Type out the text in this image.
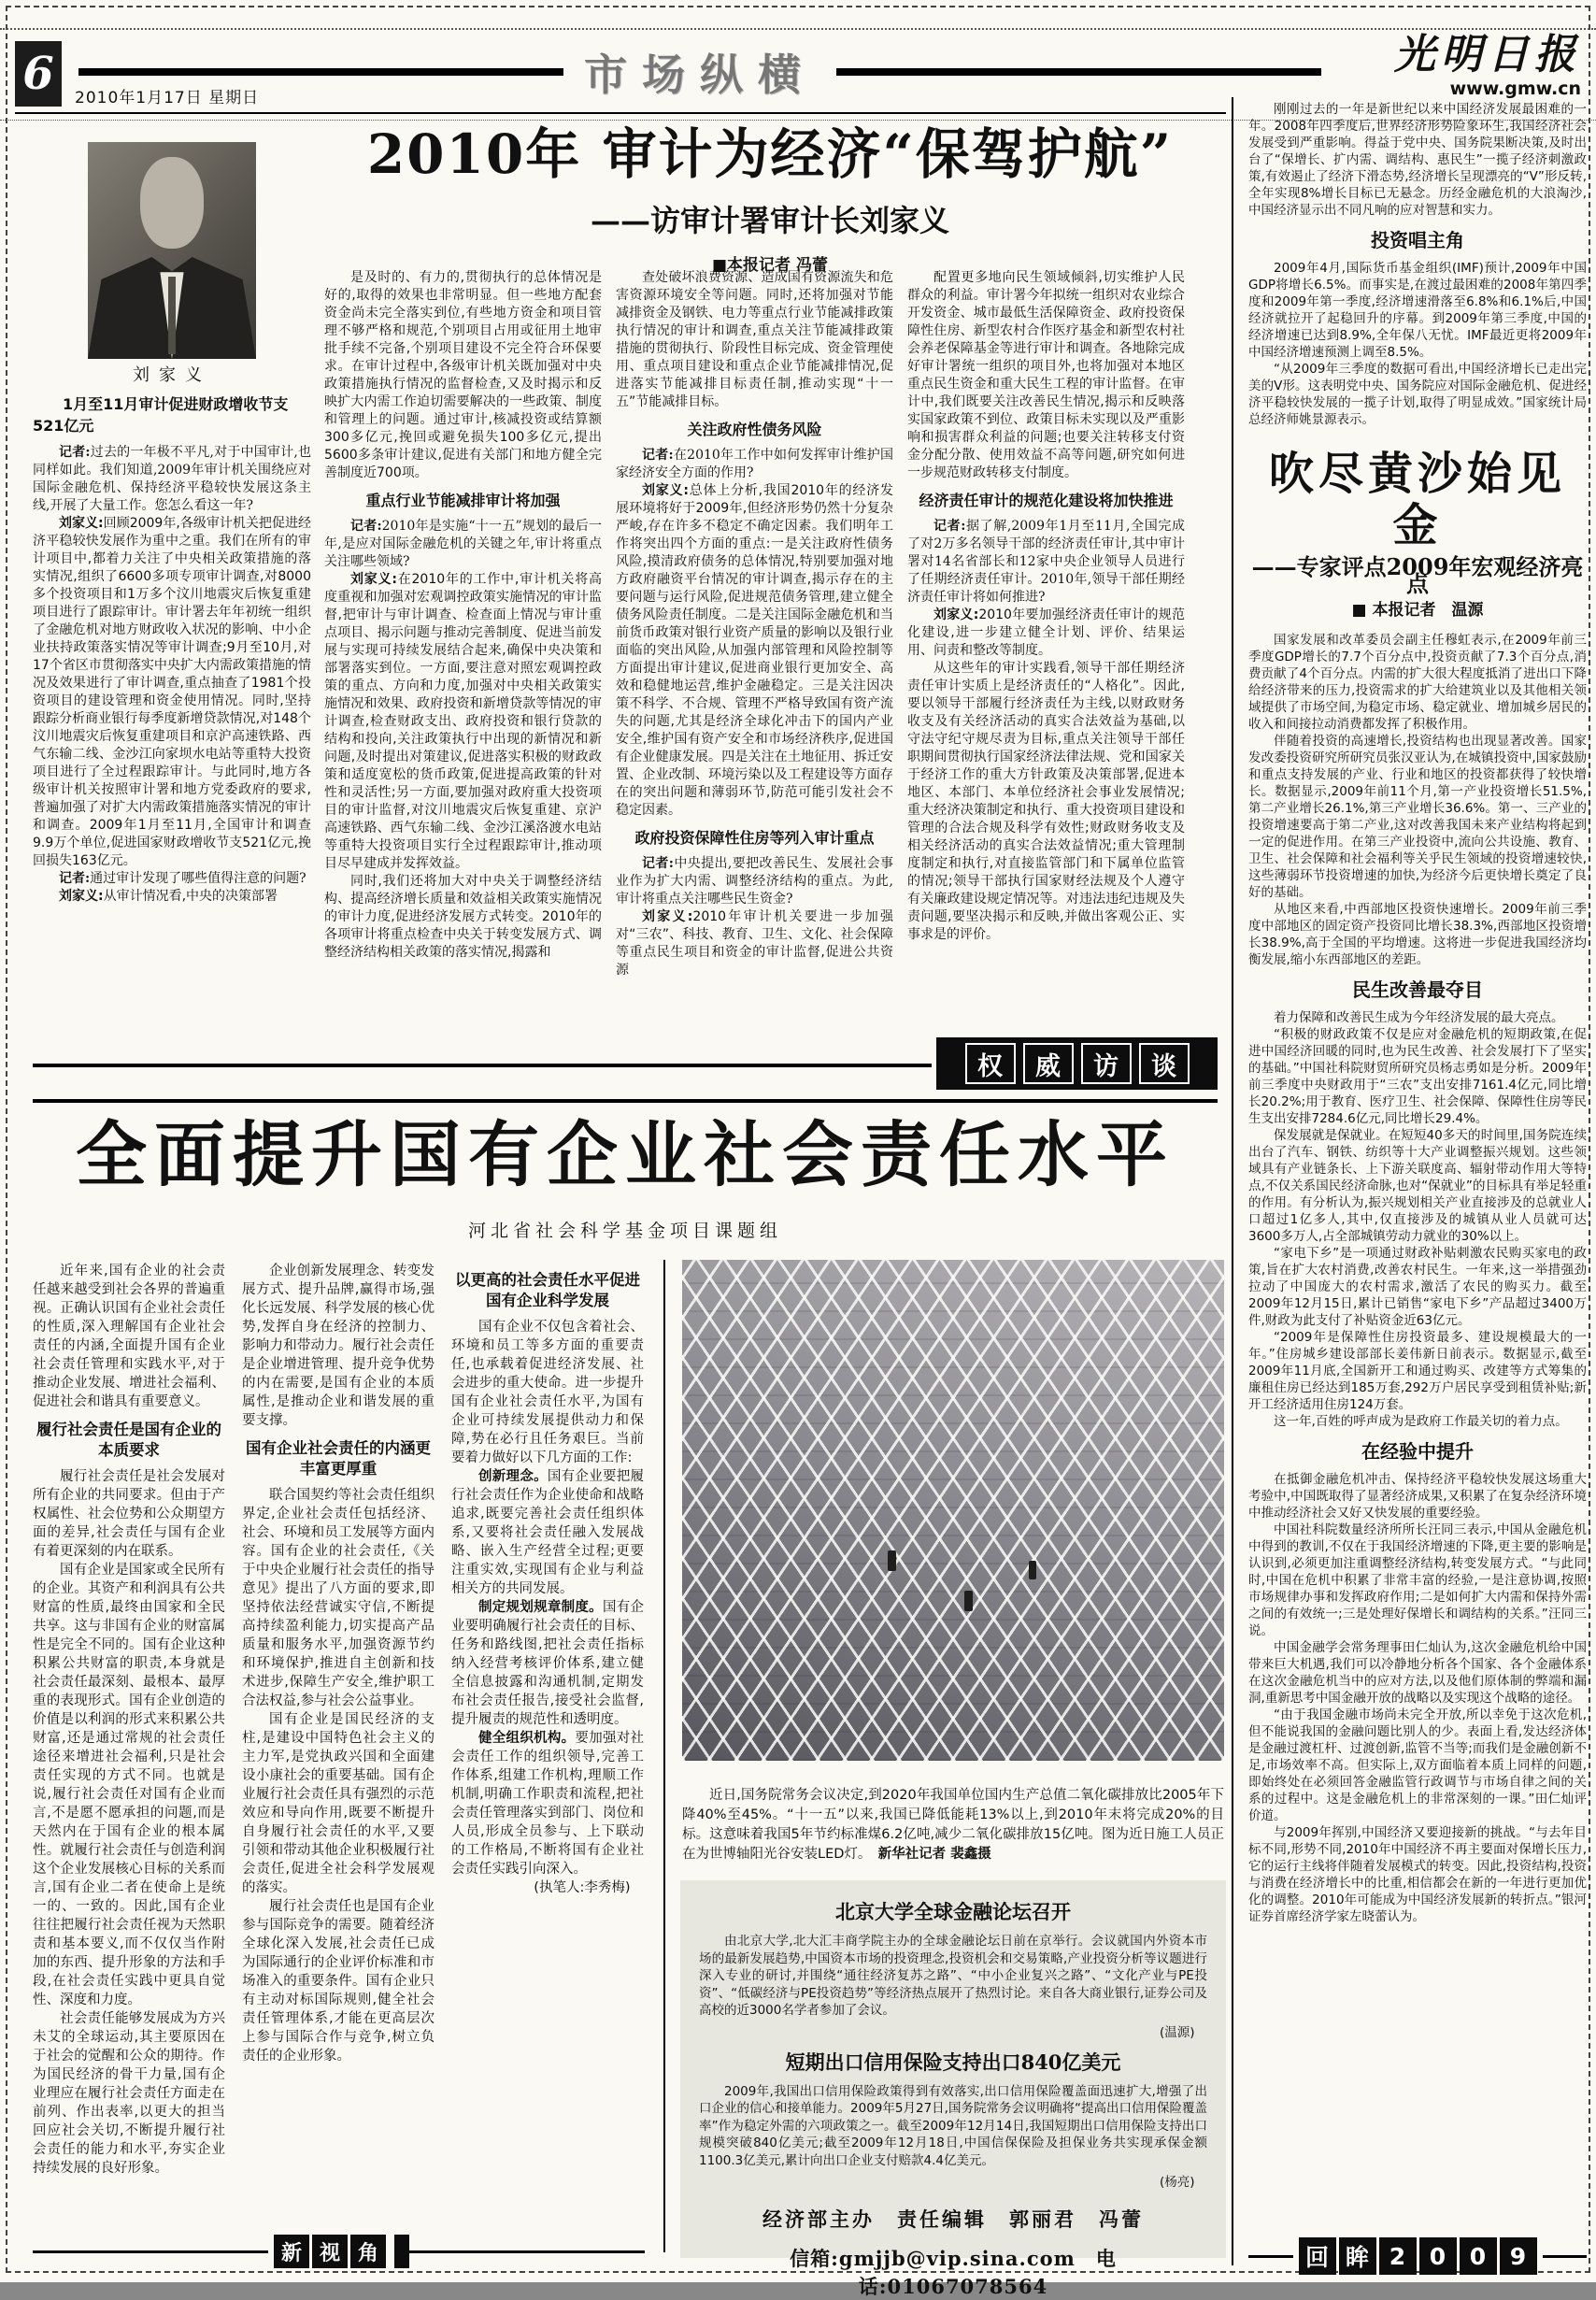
6	2010年1月17日 星期日	市场纵横	光明日报
www.gmw.cn
2010年 审计为经济“保驾护航”
——访审计署审计长刘家义
■本报记者 冯蕾
刘家义

1月至11月审计促进财政增收节支521亿元

记者:过去的一年极不平凡,对于中国审计,也同样如此。我们知道,2009年审计机关围绕应对国际金融危机、保持经济平稳较快发展这条主线,开展了大量工作。您怎么看这一年?

刘家义:回顾2009年,各级审计机关把促进经济平稳较快发展作为重中之重。我们在所有的审计项目中,都着力关注了中央相关政策措施的落实情况,组织了6600多项专项审计调查,对8000多个投资项目和1万多个汶川地震灾后恢复重建项目进行了跟踪审计。审计署去年年初统一组织了金融危机对地方财政收入状况的影响、中小企业扶持政策落实情况等审计调查;9月至10月,对17个省区市贯彻落实中央扩大内需政策措施的情况及效果进行了审计调查,重点抽查了1981个投资项目的建设管理和资金使用情况。同时,坚持跟踪分析商业银行每季度新增贷款情况,对148个汶川地震灾后恢复重建项目和京沪高速铁路、西气东输二线、金沙江向家坝水电站等重特大投资项目进行了全过程跟踪审计。与此同时,地方各级审计机关按照审计署和地方党委政府的要求,普遍加强了对扩大内需政策措施落实情况的审计和调查。2009年1月至11月,全国审计和调查9.9万个单位,促进国家财政增收节支521亿元,挽回损失163亿元。

记者:通过审计发现了哪些值得注意的问题?

刘家义:从审计情况看,中央的决策部署

是及时的、有力的,贯彻执行的总体情况是好的,取得的效果也非常明显。但一些地方配套资金尚未完全落实到位,有些地方资金和项目管理不够严格和规范,个别项目占用或征用土地审批手续不完备,个别项目建设不完全符合环保要求。在审计过程中,各级审计机关既加强对中央政策措施执行情况的监督检查,又及时揭示和反映扩大内需工作迫切需要解决的一些政策、制度和管理上的问题。通过审计,核减投资或结算额300多亿元,挽回或避免损失100多亿元,提出5600多条审计建议,促进有关部门和地方健全完善制度近700项。

重点行业节能减排审计将加强

记者:2010年是实施“十一五”规划的最后一年,是应对国际金融危机的关键之年,审计将重点关注哪些领域?

刘家义:在2010年的工作中,审计机关将高度重视和加强对宏观调控政策实施情况的审计监督,把审计与审计调查、检查面上情况与审计重点项目、揭示问题与推动完善制度、促进当前发展与实现可持续发展结合起来,确保中央决策和部署落实到位。一方面,要注意对照宏观调控政策的重点、方向和力度,加强对中央相关政策实施情况和效果、政府投资和新增贷款等情况的审计调查,检查财政支出、政府投资和银行贷款的结构和投向,关注政策执行中出现的新情况和新问题,及时提出对策建议,促进落实积极的财政政策和适度宽松的货币政策,促进提高政策的针对性和灵活性;另一方面,要加强对政府重大投资项目的审计监督,对汶川地震灾后恢复重建、京沪高速铁路、西气东输二线、金沙江溪洛渡水电站等重特大投资项目实行全过程跟踪审计,推动项目尽早建成并发挥效益。

同时,我们还将加大对中央关于调整经济结构、提高经济增长质量和效益相关政策实施情况的审计力度,促进经济发展方式转变。2010年的各项审计将重点检查中央关于转变发展方式、调整经济结构相关政策的落实情况,揭露和

查处破坏浪费资源、造成国有资源流失和危害资源环境安全等问题。同时,还将加强对节能减排资金及钢铁、电力等重点行业节能减排政策执行情况的审计和调查,重点关注节能减排政策措施的贯彻执行、阶段性目标完成、资金管理使用、重点项目建设和重点企业节能减排情况,促进落实节能减排目标责任制,推动实现“十一五”节能减排目标。

关注政府性债务风险

记者:在2010年工作中如何发挥审计维护国家经济安全方面的作用?

刘家义:总体上分析,我国2010年的经济发展环境将好于2009年,但经济形势仍然十分复杂严峻,存在许多不稳定不确定因素。我们明年工作将突出四个方面的重点:一是关注政府性债务风险,摸清政府债务的总体情况,特别要加强对地方政府融资平台情况的审计调查,揭示存在的主要问题与运行风险,促进规范债务管理,建立健全债务风险责任制度。二是关注国际金融危机和当前货币政策对银行业资产质量的影响以及银行业面临的突出风险,从加强内部管理和风险控制等方面提出审计建议,促进商业银行更加安全、高效和稳健地运营,维护金融稳定。三是关注因决策不科学、不合规、管理不严格导致国有资产流失的问题,尤其是经济全球化冲击下的国内产业安全,维护国有资产安全和市场经济秩序,促进国有企业健康发展。四是关注在土地征用、拆迁安置、企业改制、环境污染以及工程建设等方面存在的突出问题和薄弱环节,防范可能引发社会不稳定因素。

政府投资保障性住房等列入审计重点

记者:中央提出,要把改善民生、发展社会事业作为扩大内需、调整经济结构的重点。为此,审计将重点关注哪些民生资金?

刘家义:2010年审计机关要进一步加强对“三农”、科技、教育、卫生、文化、社会保障等重点民生项目和资金的审计监督,促进公共资源

配置更多地向民生领域倾斜,切实维护人民群众的利益。审计署今年拟统一组织对农业综合开发资金、城市最低生活保障资金、政府投资保障性住房、新型农村合作医疗基金和新型农村社会养老保障基金等进行审计和调查。各地除完成好审计署统一组织的项目外,也将加强对本地区重点民生资金和重大民生工程的审计监督。在审计中,我们既要关注改善民生情况,揭示和反映落实国家政策不到位、政策目标未实现以及严重影响和损害群众利益的问题;也要关注转移支付资金分配分散、使用效益不高等问题,研究如何进一步规范财政转移支付制度。

经济责任审计的规范化建设将加快推进

记者:据了解,2009年1月至11月,全国完成了对2万多名领导干部的经济责任审计,其中审计署对14名省部长和12家中央企业领导人员进行了任期经济责任审计。2010年,领导干部任期经济责任审计将如何推进?

刘家义:2010年要加强经济责任审计的规范化建设,进一步建立健全计划、评价、结果运用、问责和整改等制度。

从这些年的审计实践看,领导干部任期经济责任审计实质上是经济责任的“人格化”。因此,要以领导干部履行经济责任为主线,以财政财务收支及有关经济活动的真实合法效益为基础,以守法守纪守规尽责为目标,重点关注领导干部任职期间贯彻执行国家经济法律法规、党和国家关于经济工作的重大方针政策及决策部署,促进本地区、本部门、本单位经济社会事业发展情况;重大经济决策制定和执行、重大投资项目建设和管理的合法合规及科学有效性;财政财务收支及相关经济活动的真实合法效益情况;重大管理制度制定和执行,对直接监管部门和下属单位监管的情况;领导干部执行国家财经法规及个人遵守有关廉政建设规定情况等。对违法违纪违规及失责问题,要坚决揭示和反映,并做出客观公正、实事求是的评价。

权	威	访	谈
全面提升国有企业社会责任水平
河北省社会科学基金项目课题组

近年来,国有企业的社会责任越来越受到社会各界的普遍重视。正确认识国有企业社会责任的性质,深入理解国有企业社会责任的内涵,全面提升国有企业社会责任管理和实践水平,对于推动企业发展、增进社会福利、促进社会和谐具有重要意义。

履行社会责任是国有企业的本质要求

履行社会责任是社会发展对所有企业的共同要求。但由于产权属性、社会位势和公众期望方面的差异,社会责任与国有企业有着更深刻的内在联系。

国有企业是国家或全民所有的企业。其资产和利润具有公共财富的性质,最终由国家和全民共享。这与非国有企业的财富属性是完全不同的。国有企业这种积累公共财富的职责,本身就是社会责任最深刻、最根本、最厚重的表现形式。国有企业创造的价值是以利润的形式来积累公共财富,还是通过常规的社会责任途径来增进社会福利,只是社会责任实现的方式不同。也就是说,履行社会责任对国有企业而言,不是愿不愿承担的问题,而是天然内在于国有企业的根本属性。就履行社会责任与创造利润这个企业发展核心目标的关系而言,国有企业二者在使命上是统一的、一致的。因此,国有企业往往把履行社会责任视为天然职责和基本要义,而不仅仅当作附加的东西、提升形象的方法和手段,在社会责任实践中更具自觉性、深度和力度。

社会责任能够发展成为方兴未艾的全球运动,其主要原因在于社会的觉醒和公众的期待。作为国民经济的骨干力量,国有企业理应在履行社会责任方面走在前列、作出表率,以更大的担当回应社会关切,不断提升履行社会责任的能力和水平,夯实企业持续发展的良好形象。

企业创新发展理念、转变发展方式、提升品牌,赢得市场,强化长远发展、科学发展的核心优势,发挥自身在经济的控制力、影响力和带动力。履行社会责任是企业增进管理、提升竞争优势的内在需要,是国有企业的本质属性,是推动企业和谐发展的重要支撑。

国有企业社会责任的内涵更丰富更厚重

联合国契约等社会责任组织界定,企业社会责任包括经济、社会、环境和员工发展等方面内容。国有企业的社会责任,《关于中央企业履行社会责任的指导意见》提出了八方面的要求,即坚持依法经营诚实守信,不断提高持续盈利能力,切实提高产品质量和服务水平,加强资源节约和环境保护,推进自主创新和技术进步,保障生产安全,维护职工合法权益,参与社会公益事业。

国有企业是国民经济的支柱,是建设中国特色社会主义的主力军,是党执政兴国和全面建设小康社会的重要基础。国有企业履行社会责任具有强烈的示范效应和导向作用,既要不断提升自身履行社会责任的水平,又要引领和带动其他企业积极履行社会责任,促进全社会科学发展观的落实。

履行社会责任也是国有企业参与国际竞争的需要。随着经济全球化深入发展,社会责任已成为国际通行的企业评价标准和市场准入的重要条件。国有企业只有主动对标国际规则,健全社会责任管理体系,才能在更高层次上参与国际合作与竞争,树立负责任的企业形象。

以更高的社会责任水平促进国有企业科学发展

国有企业不仅包含着社会、环境和员工等多方面的重要责任,也承载着促进经济发展、社会进步的重大使命。进一步提升国有企业社会责任水平,为国有企业可持续发展提供动力和保障,势在必行且任务艰巨。当前要着力做好以下几方面的工作:

创新理念。国有企业要把履行社会责任作为企业使命和战略追求,既要完善社会责任组织体系,又要将社会责任融入发展战略、嵌入生产经营全过程;更要注重实效,实现国有企业与利益相关方的共同发展。

制定规划规章制度。国有企业要明确履行社会责任的目标、任务和路线图,把社会责任指标纳入经营考核评价体系,建立健全信息披露和沟通机制,定期发布社会责任报告,接受社会监督,提升履责的规范性和透明度。

健全组织机构。要加强对社会责任工作的组织领导,完善工作体系,组建工作机构,理顺工作机制,明确工作职责和流程,把社会责任管理落实到部门、岗位和人员,形成全员参与、上下联动的工作格局,不断将国有企业社会责任实践引向深入。

(执笔人:李秀梅)

近日,国务院常务会议决定,到2020年我国单位国内生产总值二氧化碳排放比2005年下降40%至45%。“十一五”以来,我国已降低能耗13%以上,到2010年末将完成20%的目标。这意味着我国5年节约标准煤6.2亿吨,减少二氧化碳排放15亿吨。图为近日施工人员正在为世博轴阳光谷安装LED灯。　 新华社记者 裴鑫摄

北京大学全球金融论坛召开

由北京大学,北大汇丰商学院主办的全球金融论坛日前在京举行。会议就国内外资本市场的最新发展趋势,中国资本市场的投资理念,投资机会和交易策略,产业投资分析等议题进行深入专业的研讨,并围绕“通往经济复苏之路”、“中小企业复兴之路”、“文化产业与PE投资”、“低碳经济与PE投资趋势”等经济热点展开了热烈讨论。来自各大商业银行,证券公司及高校的近3000名学者参加了会议。

(温源)
短期出口信用保险支持出口840亿美元

2009年,我国出口信用保险政策得到有效落实,出口信用保险覆盖面迅速扩大,增强了出口企业的信心和接单能力。2009年5月27日,国务院常务会议明确将“提高出口信用保险覆盖率”作为稳定外需的六项政策之一。截至2009年12月14日,我国短期出口信用保险支持出口规模突破840亿美元;截至2009年12月18日,中国信保保险及担保业务共实现承保金额1100.3亿美元,累计向出口企业支付赔款4.4亿美元。

(杨亮)
经济部主办　责任编辑　郭丽君　冯蕾
信箱:gmjjb@vip.sina.com　电话:01067078564
新 视 角

刚刚过去的一年是新世纪以来中国经济发展最困难的一年。2008年四季度后,世界经济形势险象环生,我国经济社会发展受到严重影响。得益于党中央、国务院果断决策,及时出台了“保增长、扩内需、调结构、惠民生”一揽子经济刺激政策,有效遏止了经济下滑态势,经济增长呈现漂亮的“V”形反转,全年实现8%增长目标已无悬念。历经金融危机的大浪淘沙,中国经济显示出不同凡响的应对智慧和实力。

投资唱主角

2009年4月,国际货币基金组织(IMF)预计,2009年中国GDP将增长6.5%。而事实是,在渡过最困难的2008年第四季度和2009年第一季度,经济增速滑落至6.8%和6.1%后,中国经济就拉开了起稳回升的序幕。到2009年第三季度,中国的经济增速已达到8.9%,全年保八无忧。IMF最近更将2009年中国经济增速预测上调至8.5%。

“从2009年三季度的数据可看出,中国经济增长已走出完美的V形。这表明党中央、国务院应对国际金融危机、促进经济平稳较快发展的一揽子计划,取得了明显成效。”国家统计局总经济师姚景源表示。

吹尽黄沙始见金

——专家评点2009年宏观经济亮点

■ 本报记者　温源

国家发展和改革委员会副主任穆虹表示,在2009年前三季度GDP增长的7.7个百分点中,投资贡献了7.3个百分点,消费贡献了4个百分点。内需的扩大很大程度抵消了进出口下降给经济带来的压力,投资需求的扩大给建筑业以及其他相关领域提供了市场空间,为稳定市场、稳定就业、增加城乡居民的收入和间接拉动消费都发挥了积极作用。

伴随着投资的高速增长,投资结构也出现显著改善。国家发改委投资研究所研究员张汉亚认为,在城镇投资中,国家鼓励和重点支持发展的产业、行业和地区的投资都获得了较快增长。数据显示,2009年前11个月,第一产业投资增长51.5%,第二产业增长26.1%,第三产业增长36.6%。第一、三产业的投资增速要高于第二产业,这对改善我国未来产业结构将起到一定的促进作用。在第三产业投资中,流向公共设施、教育、卫生、社会保障和社会福利等关乎民生领域的投资增速较快,这些薄弱环节投资增速的加快,为经济今后更快增长奠定了良好的基础。

从地区来看,中西部地区投资快速增长。2009年前三季度中部地区的固定资产投资同比增长38.3%,西部地区投资增长38.9%,高于全国的平均增速。这将进一步促进我国经济均衡发展,缩小东西部地区的差距。

民生改善最夺目

着力保障和改善民生成为今年经济发展的最大亮点。

“积极的财政政策不仅是应对金融危机的短期政策,在促进中国经济回暖的同时,也为民生改善、社会发展打下了坚实的基础。”中国社科院财贸所研究员杨志勇如是分析。2009年前三季度中央财政用于“三农”支出安排7161.4亿元,同比增长20.2%;用于教育、医疗卫生、社会保障、保障性住房等民生支出安排7284.6亿元,同比增长29.4%。

保发展就是保就业。在短短40多天的时间里,国务院连续出台了汽车、钢铁、纺织等十大产业调整振兴规划。这些领域具有产业链条长、上下游关联度高、辐射带动作用大等特点,不仅关系国民经济命脉,也对“保就业”的目标具有举足轻重的作用。有分析认为,振兴规划相关产业直接涉及的总就业人口超过1亿多人,其中,仅直接涉及的城镇从业人员就可达3600多万人,占全部城镇劳动力就业的30%以上。

“家电下乡”是一项通过财政补贴刺激农民购买家电的政策,旨在扩大农村消费,改善农村民生。一年来,这一举措强劲拉动了中国庞大的农村需求,激活了农民的购买力。截至2009年12月15日,累计已销售“家电下乡”产品超过3400万件,财政为此支付了补贴资金近63亿元。

“2009年是保障性住房投资最多、建设规模最大的一年。”住房城乡建设部部长姜伟新日前表示。数据显示,截至2009年11月底,全国新开工和通过购买、改建等方式筹集的廉租住房已经达到185万套,292万户居民享受到租赁补贴;新开工经济适用住房124万套。

这一年,百姓的呼声成为是政府工作最关切的着力点。

在经验中提升

在抵御金融危机冲击、保持经济平稳较快发展这场重大考验中,中国既取得了显著经济成果,又积累了在复杂经济环境中推动经济社会又好又快发展的重要经验。

中国社科院数量经济所所长汪同三表示,中国从金融危机中得到的教训,不仅在于我国经济增速的下降,更主要的影响是认识到,必须更加注重调整经济结构,转变发展方式。“与此同时,中国在危机中积累了非常丰富的经验,一是注意协调,按照市场规律办事和发挥政府作用;二是如何扩大内需和保持外需之间的有效统一;三是处理好保增长和调结构的关系。”汪同三说。

中国金融学会常务理事田仁灿认为,这次金融危机给中国带来巨大机遇,我们可以冷静地分析各个国家、各个金融体系在这次金融危机当中的应对方法,以及他们原体制的弊端和漏洞,重新思考中国金融开放的战略以及实现这个战略的途径。

“由于我国金融市场尚未完全开放,所以幸免于这次危机,但不能说我国的金融问题比别人的少。表面上看,发达经济体是金融过渡杠杆、过渡创新,监管不当等;而我们是金融创新不足,市场效率不高。但实际上,双方面临着本质上同样的问题,即始终处在必须回答金融监管行政调节与市场自律之间的关系的过程中。这是金融危机上的非常深刻的一课。”田仁灿评价道。

与2009年挥别,中国经济又要迎接新的挑战。“与去年目标不同,形势不同,2010年中国经济不再主要面对保增长压力,它的运行主线将伴随着发展模式的转变。因此,投资结构,投资与消费在经济增长中的比重,相信都会在新的一年进行更加优化的调整。2010年可能成为中国经济发展新的转折点。”银河证券首席经济学家左晓蕾认为。

回 眸 2	0	0	9
